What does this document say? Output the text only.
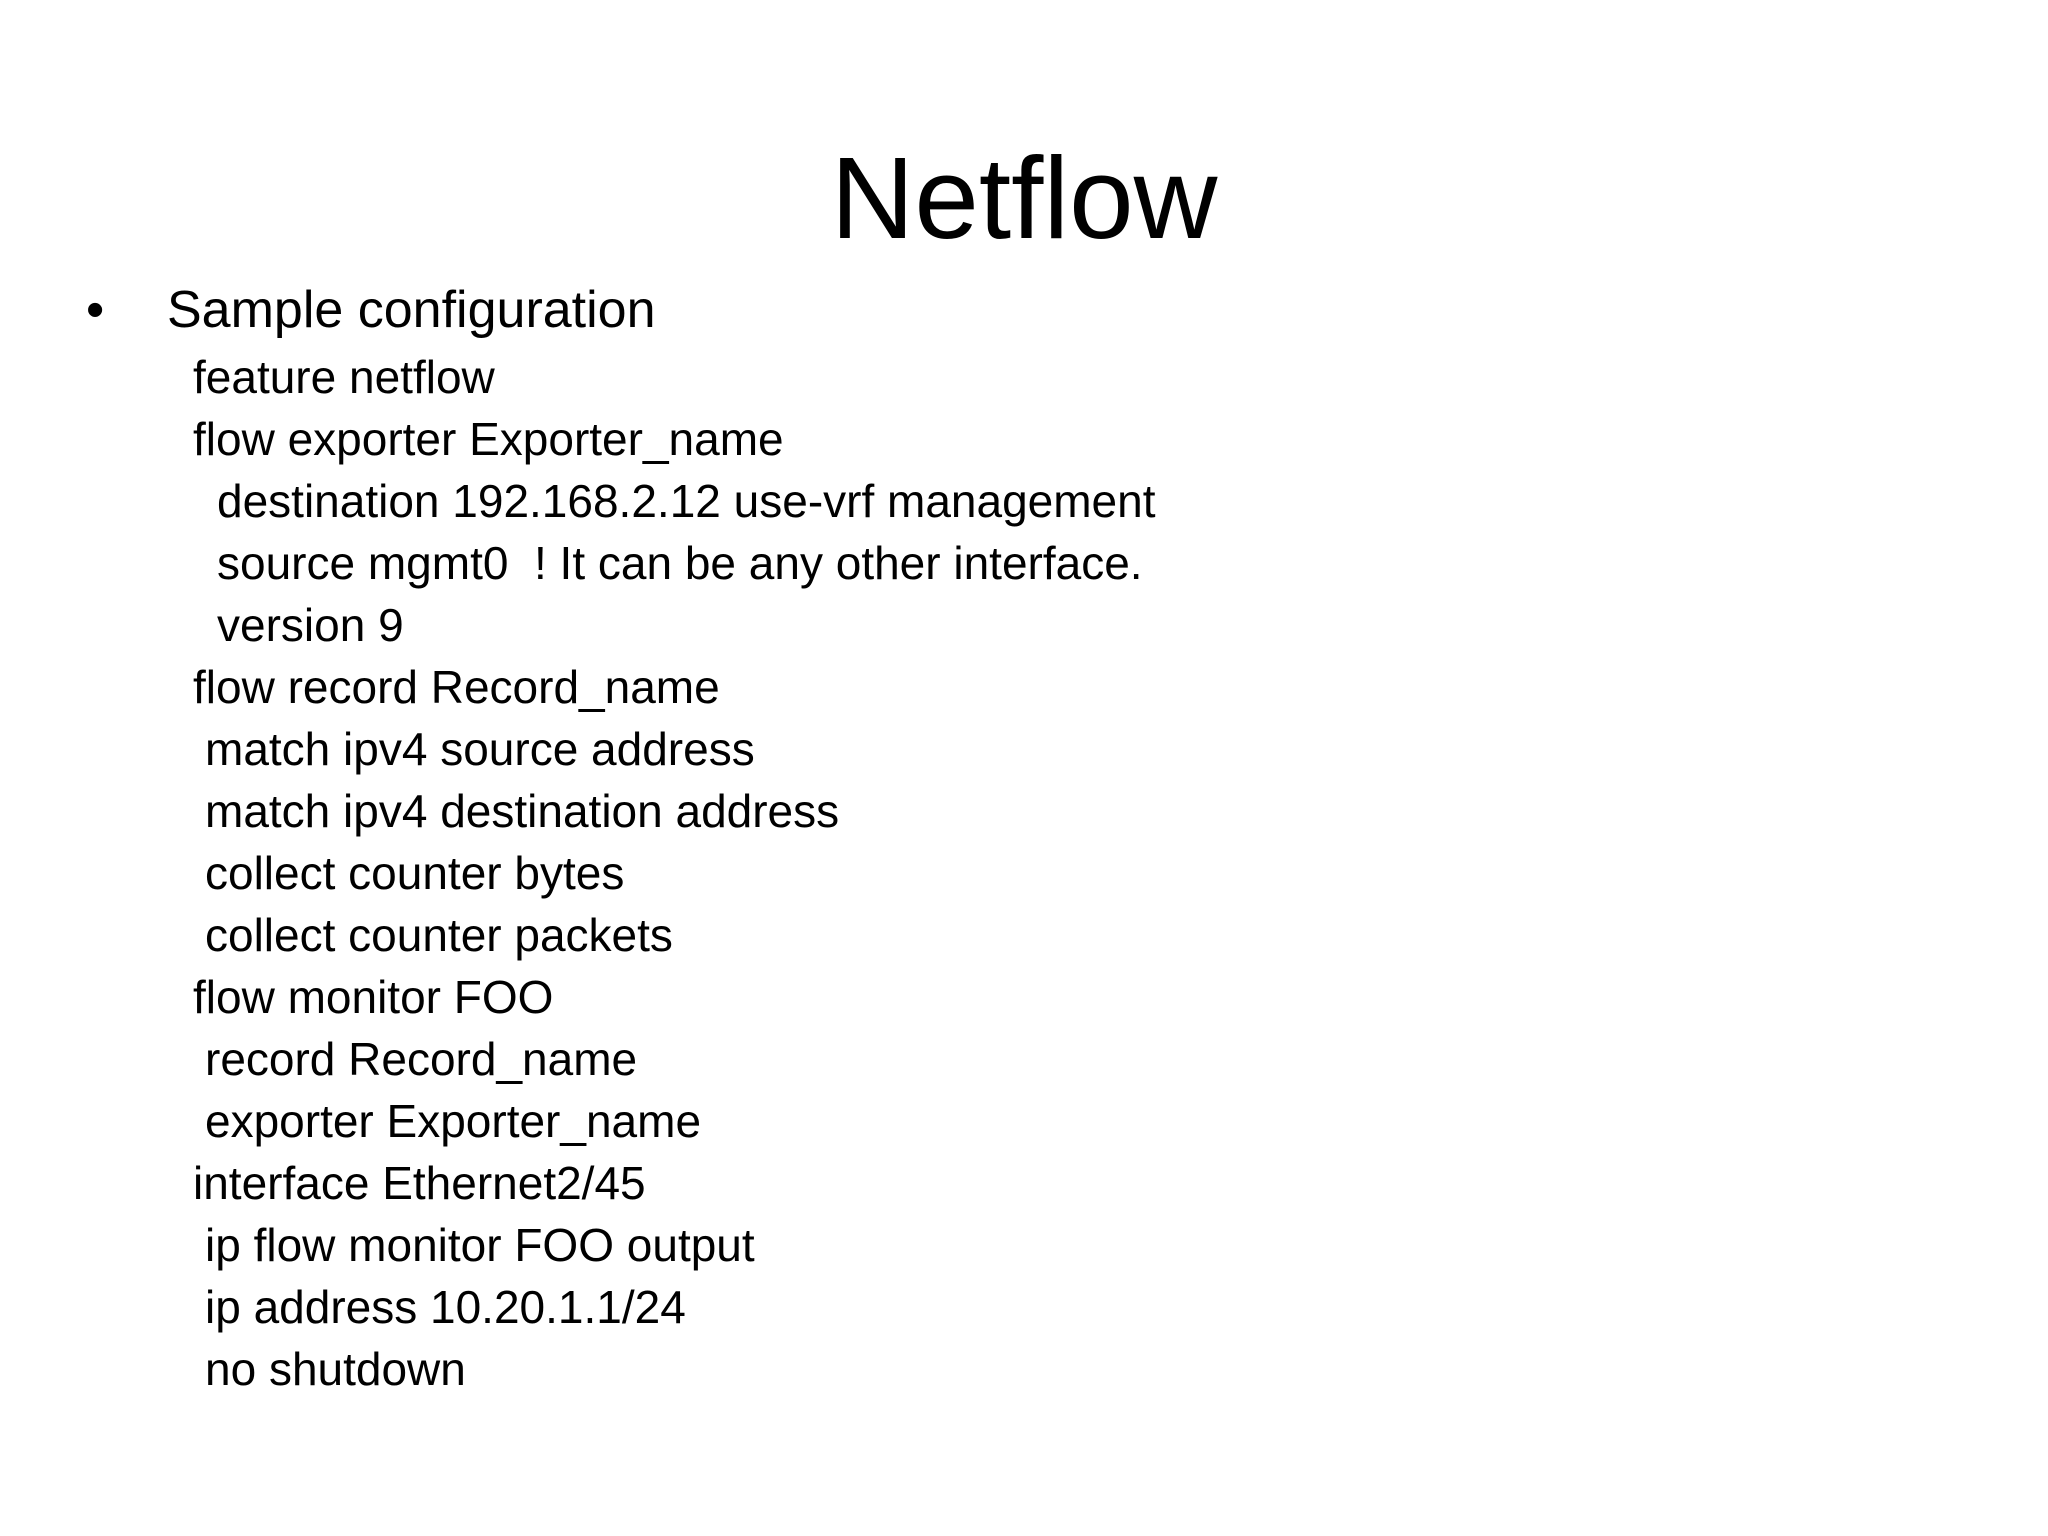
Netflow
• Sample configuration
feature netflow
flow exporter Exporter_name
destination 192.168.2.12 use-vrf management
source mgmt0  ! It can be any other interface.
version 9
flow record Record_name
match ipv4 source address
match ipv4 destination address
collect counter bytes
collect counter packets
flow monitor FOO
record Record_name
exporter Exporter_name
interface Ethernet2/45
ip flow monitor FOO output
ip address 10.20.1.1/24
no shutdown
